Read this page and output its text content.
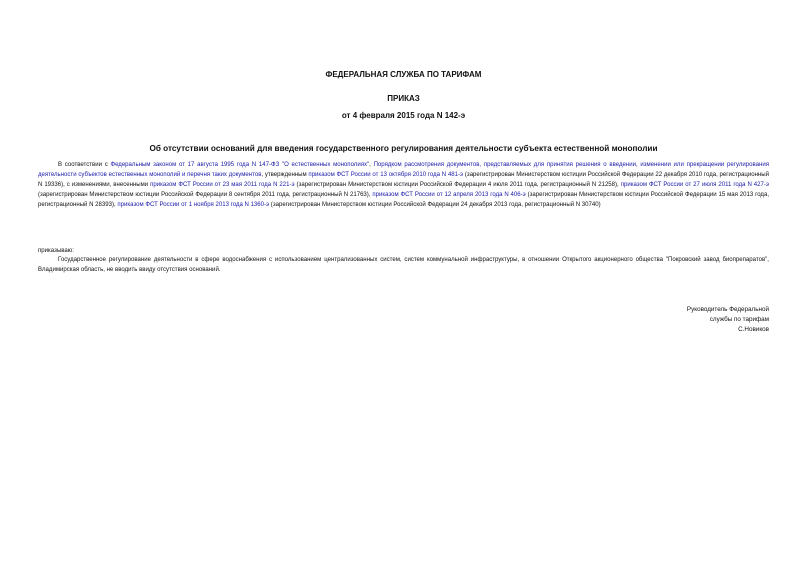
ФЕДЕРАЛЬНАЯ СЛУЖБА ПО ТАРИФАМ
ПРИКАЗ
от 4 февраля 2015 года N 142-э
Об отсутствии оснований для введения государственного регулирования деятельности субъекта естественной монополии

В соответствии с Федеральным законом от 17 августа 1995 года N 147-ФЗ "О естественных монополиях", Порядком рассмотрения документов, представляемых для принятия решения о введении, изменении или прекращении регулирования деятельности субъектов естественных монополий и перечня таких документов, утвержденным приказом ФСТ России от 13 октября 2010 года N 481-э (зарегистрирован Министерством юстиции Российской Федерации 22 декабря 2010 года, регистрационный N 19336), с изменениями, внесенными приказом ФСТ России от 23 мая 2011 года N 221-э (зарегистрирован Министерством юстиции Российской Федерации 4 июля 2011 года, регистрационный N 21258), приказом ФСТ России от 27 июля 2011 года N 427-э (зарегистрирован Министерством юстиции Российской Федерации 8 сентября 2011 года, регистрационный N 21763), приказом ФСТ России от 12 апреля 2013 года N 406-э (зарегистрирован Министерством юстиции Российской Федерации 15 мая 2013 года, регистрационный N 28393), приказом ФСТ России от 1 ноября 2013 года N 1360-э (зарегистрирован Министерством юстиции Российской Федерации 24 декабря 2013 года, регистрационный N 30740)

приказываю:

Государственное регулирование деятельности в сфере водоснабжения с использованием централизованных систем, систем коммунальной инфраструктуры, в отношении Открытого акционерного общества "Покровский завод биопрепаратов", Владимирская область, не вводить ввиду отсутствия оснований.

Руководитель Федеральной
службы по тарифам
С.Новиков
